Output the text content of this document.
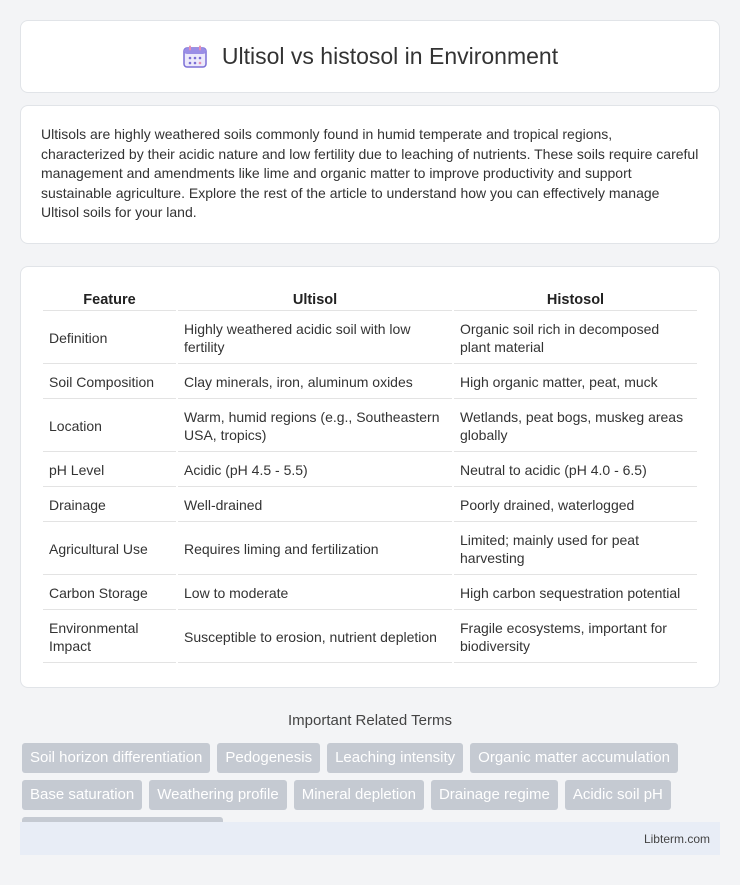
Ultisol vs histosol in Environment

Ultisols are highly weathered soils commonly found in humid temperate and tropical regions, characterized by their acidic nature and low fertility due to leaching of nutrients. These soils require careful management and amendments like lime and organic matter to improve productivity and support sustainable agriculture. Explore the rest of the article to understand how you can effectively manage Ultisol soils for your land.

Feature	Ultisol	Histosol
Definition	Highly weathered acidic soil with low fertility	Organic soil rich in decomposed plant material
Soil Composition	Clay minerals, iron, aluminum oxides	High organic matter, peat, muck
Location	Warm, humid regions (e.g., Southeastern USA, tropics)	Wetlands, peat bogs, muskeg areas globally
pH Level	Acidic (pH 4.5 - 5.5)	Neutral to acidic (pH 4.0 - 6.5)
Drainage	Well-drained	Poorly drained, waterlogged
Agricultural Use	Requires liming and fertilization	Limited; mainly used for peat harvesting
Carbon Storage	Low to moderate	High carbon sequestration potential
Environmental Impact	Susceptible to erosion, nutrient depletion	Fragile ecosystems, important for biodiversity
Important Related Terms
Soil horizon differentiation	Pedogenesis	Leaching intensity	Organic matter accumulation
Base saturation	Weathering profile	Mineral depletion	Drainage regime	Acidic soil pH
Libterm.com
